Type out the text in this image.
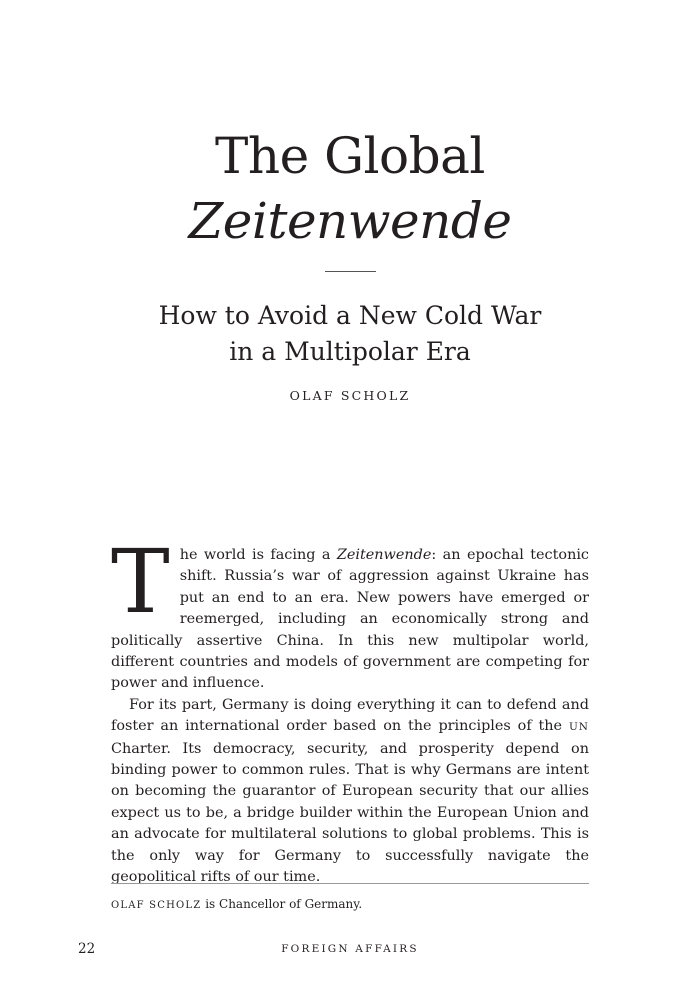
The Global
Zeitenwende
How to Avoid a New Cold War
in a Multipolar Era
OLAF SCHOLZ

The world is facing a Zeitenwende: an epochal tectonic shift. Russia’s war of aggression against Ukraine has put an end to an era. New powers have emerged or reemerged, including an economically strong and politically assertive China. In this new multipolar world, different countries and models of government are competing for power and influence.

For its part, Germany is doing everything it can to defend and foster an international order based on the principles of the UN Charter. Its democracy, security, and prosperity depend on binding power to common rules. That is why Germans are intent on becoming the guarantor of European security that our allies expect us to be, a bridge builder within the European Union and an advocate for multilateral solutions to global problems. This is the only way for Germany to successfully navigate the geopolitical rifts of our time.

OLAF SCHOLZ is Chancellor of Germany.
22	FOREIGN AFFAIRS
